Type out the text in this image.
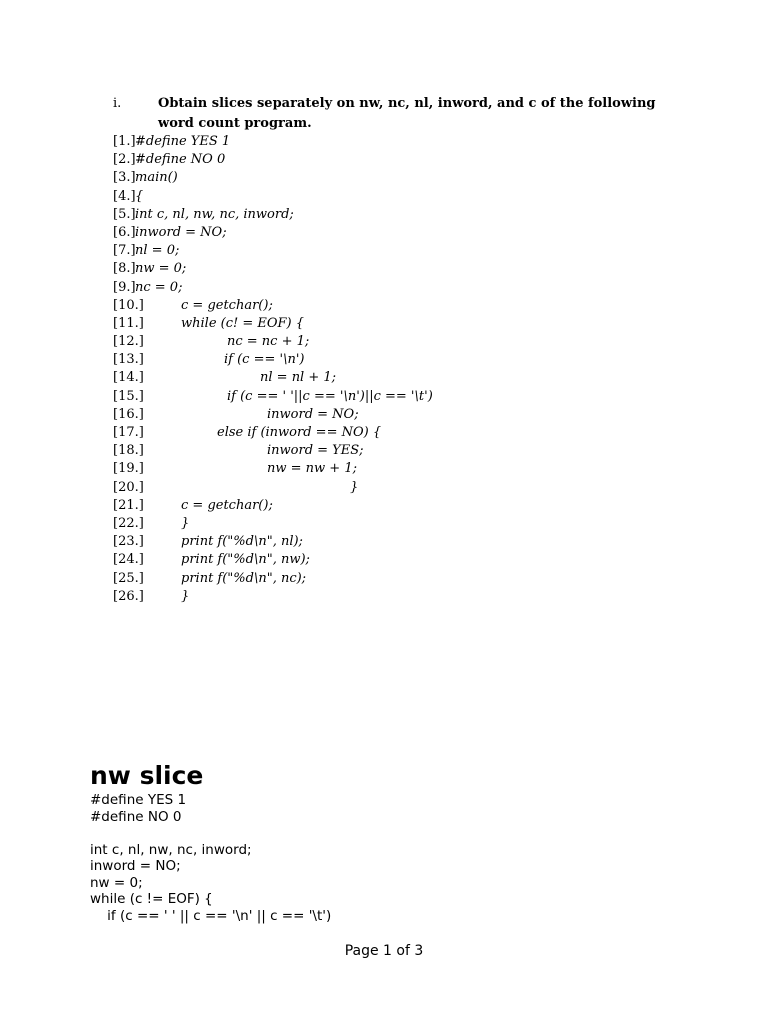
i.	Obtain slices separately on nw, nc, nl, inword, and c of the following word count program.
[1.] #define YES 1
[2.] #define NO 0
[3.] main()
[4.] {
[5.] int c, nl, nw, nc, inword;
[6.] inword = NO;
[7.] nl = 0;
[8.] nw = 0;
[9.] nc = 0;
[10.]	c = getchar();
[11.]	while (c! = EOF) {
[12.]	nc = nc + 1;
[13.]	if (c == '\n')
[14.]	nl = nl + 1;
[15.]	if (c == ' '||c == '\n')||c == '\t')
[16.]	inword = NO;
[17.]	else if (inword == NO) {
[18.]	inword = YES;
[19.]	nw = nw + 1;
[20.]	}
[21.]	c = getchar();
[22.]	}
[23.]	print f("%d\n", nl);
[24.]	print f("%d\n", nw);
[25.]	print f("%d\n", nc);
[26.]	}
nw slice
#define YES 1
#define NO 0
int c, nl, nw, nc, inword;
inword = NO;
nw = 0;
while (c != EOF) {
if (c == ' ' || c == '\n' || c == '\t')
Page 1 of 3
